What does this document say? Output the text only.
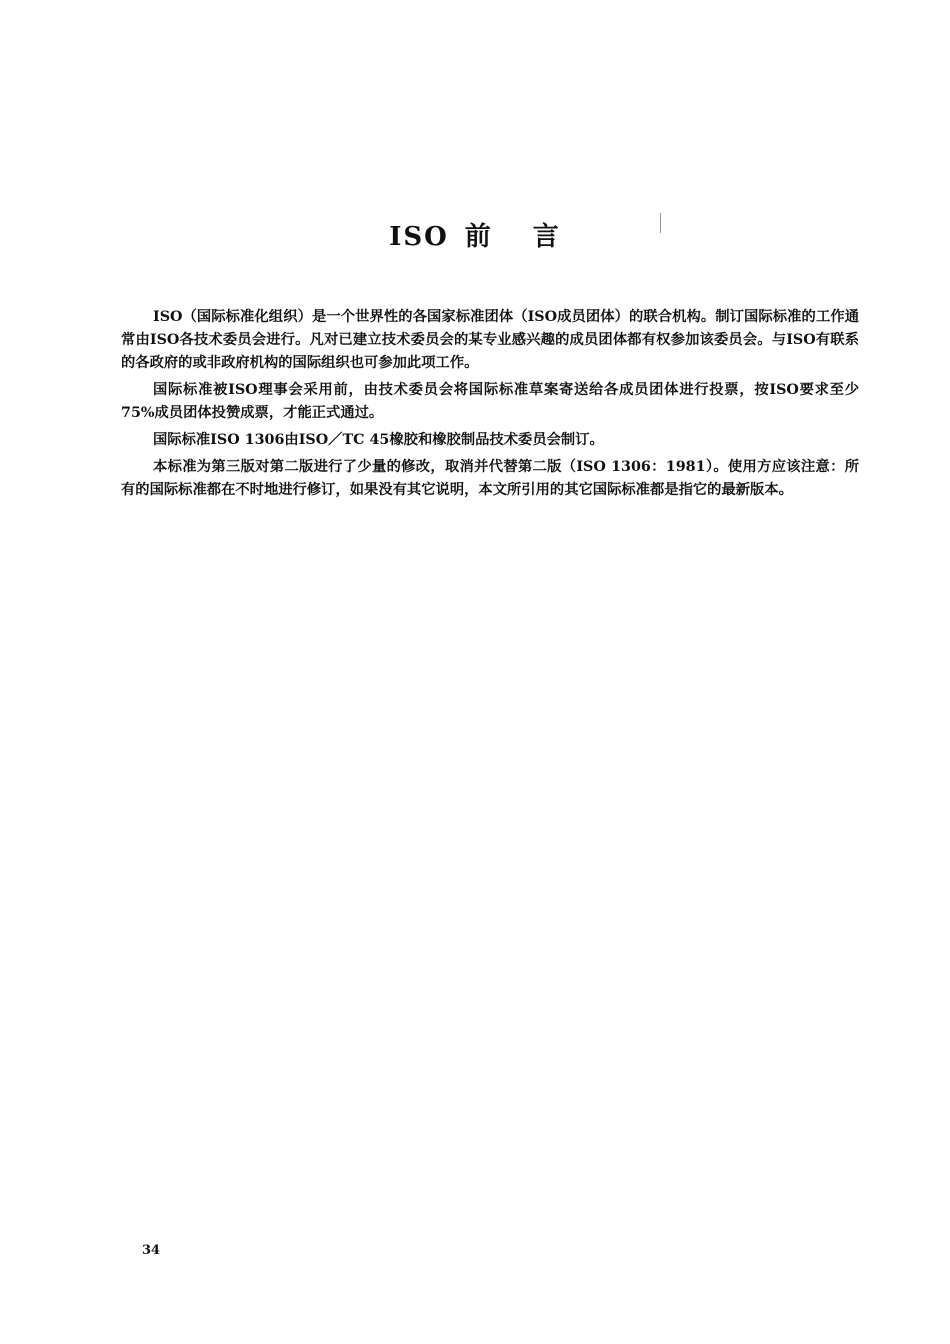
ISO 前 言

ISO（国际标准化组织）是一个世界性的各国家标准团体（ISO成员团体）的联合机构。制订国际标准的工作通常由ISO各技术委员会进行。凡对已建立技术委员会的某专业感兴趣的成员团体都有权参加该委员会。与ISO有联系的各政府的或非政府机构的国际组织也可参加此项工作。

国际标准被ISO理事会采用前，由技术委员会将国际标准草案寄送给各成员团体进行投票，按ISO要求至少75%成员团体投赞成票，才能正式通过。

国际标准ISO 1306由ISO／TC 45橡胶和橡胶制品技术委员会制订。

本标准为第三版对第二版进行了少量的修改，取消并代替第二版（ISO 1306：1981）。使用方应该注意：所有的国际标准都在不时地进行修订，如果没有其它说明，本文所引用的其它国际标准都是指它的最新版本。

34
